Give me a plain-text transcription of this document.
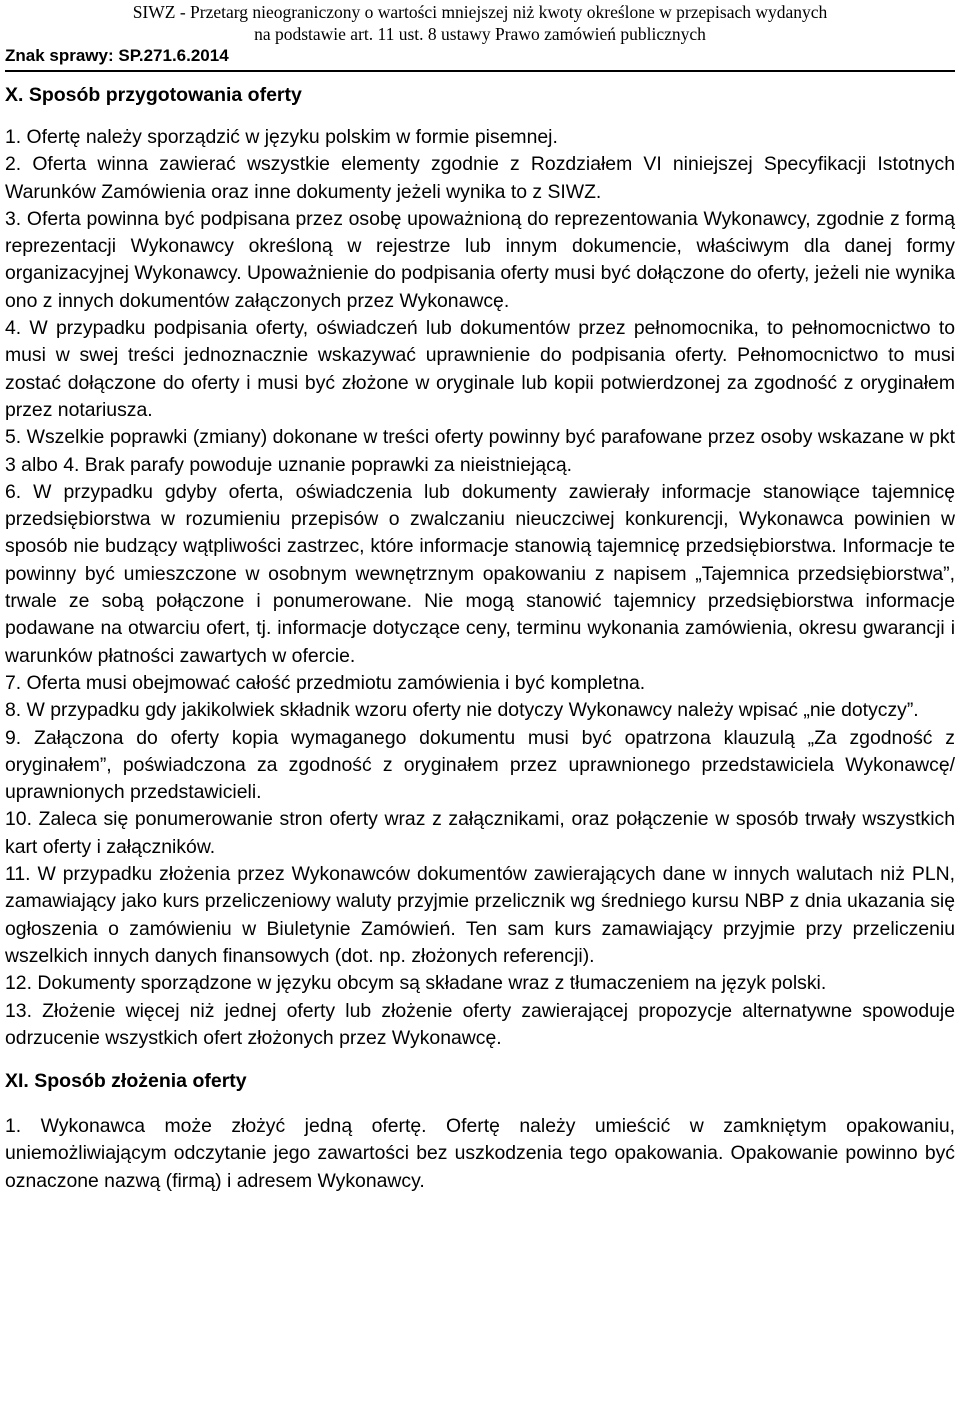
SIWZ - Przetarg nieograniczony o wartości mniejszej niż kwoty określone w przepisach wydanych
na podstawie art. 11 ust. 8 ustawy Prawo zamówień publicznych
Znak sprawy: SP.271.6.2014
X. Sposób przygotowania oferty

1. Ofertę należy sporządzić w języku polskim w formie pisemnej.

2. Oferta winna zawierać wszystkie elementy zgodnie z Rozdziałem VI niniejszej Specyfikacji Istotnych Warunków Zamówienia oraz inne dokumenty jeżeli wynika to z SIWZ.

3. Oferta powinna być podpisana przez osobę upoważnioną do reprezentowania Wykonawcy, zgodnie z formą reprezentacji Wykonawcy określoną w rejestrze lub innym dokumencie, właściwym dla danej formy organizacyjnej Wykonawcy. Upoważnienie do podpisania oferty musi być dołączone do oferty, jeżeli nie wynika ono z innych dokumentów załączonych przez Wykonawcę.

4. W przypadku podpisania oferty, oświadczeń lub dokumentów przez pełnomocnika, to pełnomocnictwo to musi w swej treści jednoznacznie wskazywać uprawnienie do podpisania oferty. Pełnomocnictwo to musi zostać dołączone do oferty i musi być złożone w oryginale lub kopii potwierdzonej za zgodność z oryginałem przez notariusza.

5. Wszelkie poprawki (zmiany) dokonane w treści oferty powinny być parafowane przez osoby wskazane w pkt 3 albo 4. Brak parafy powoduje uznanie poprawki za nieistniejącą.

6. W przypadku gdyby oferta, oświadczenia lub dokumenty zawierały informacje stanowiące tajemnicę przedsiębiorstwa w rozumieniu przepisów o zwalczaniu nieuczciwej konkurencji, Wykonawca powinien w sposób nie budzący wątpliwości zastrzec, które informacje stanowią tajemnicę przedsiębiorstwa. Informacje te powinny być umieszczone w osobnym wewnętrznym opakowaniu z napisem „Tajemnica przedsiębiorstwa”, trwale ze sobą połączone i ponumerowane. Nie mogą stanowić tajemnicy przedsiębiorstwa informacje podawane na otwarciu ofert, tj. informacje dotyczące ceny, terminu wykonania zamówienia, okresu gwarancji i warunków płatności zawartych w ofercie.

7. Oferta musi obejmować całość przedmiotu zamówienia i być kompletna.

8. W przypadku gdy jakikolwiek składnik wzoru oferty nie dotyczy Wykonawcy należy wpisać „nie dotyczy”.

9. Załączona do oferty kopia wymaganego dokumentu musi być opatrzona klauzulą „Za zgodność z oryginałem”, poświadczona za zgodność z oryginałem przez uprawnionego przedstawiciela Wykonawcę/ uprawnionych przedstawicieli.

10. Zaleca się ponumerowanie stron oferty wraz z załącznikami, oraz połączenie w sposób trwały wszystkich kart oferty i załączników.

11. W przypadku złożenia przez Wykonawców dokumentów zawierających dane w innych walutach niż PLN, zamawiający jako kurs przeliczeniowy waluty przyjmie przelicznik wg średniego kursu NBP z dnia ukazania się ogłoszenia o zamówieniu w Biuletynie Zamówień. Ten sam kurs zamawiający przyjmie przy przeliczeniu wszelkich innych danych finansowych (dot. np. złożonych referencji).

12. Dokumenty sporządzone w języku obcym są składane wraz z tłumaczeniem na język polski.

13. Złożenie więcej niż jednej oferty lub złożenie oferty zawierającej propozycje alternatywne spowoduje odrzucenie wszystkich ofert złożonych przez Wykonawcę.

XI. Sposób złożenia oferty

1. Wykonawca może złożyć jedną ofertę. Ofertę należy umieścić w zamkniętym opakowaniu, uniemożliwiającym odczytanie jego zawartości bez uszkodzenia tego opakowania. Opakowanie powinno być oznaczone nazwą (firmą) i adresem Wykonawcy.
